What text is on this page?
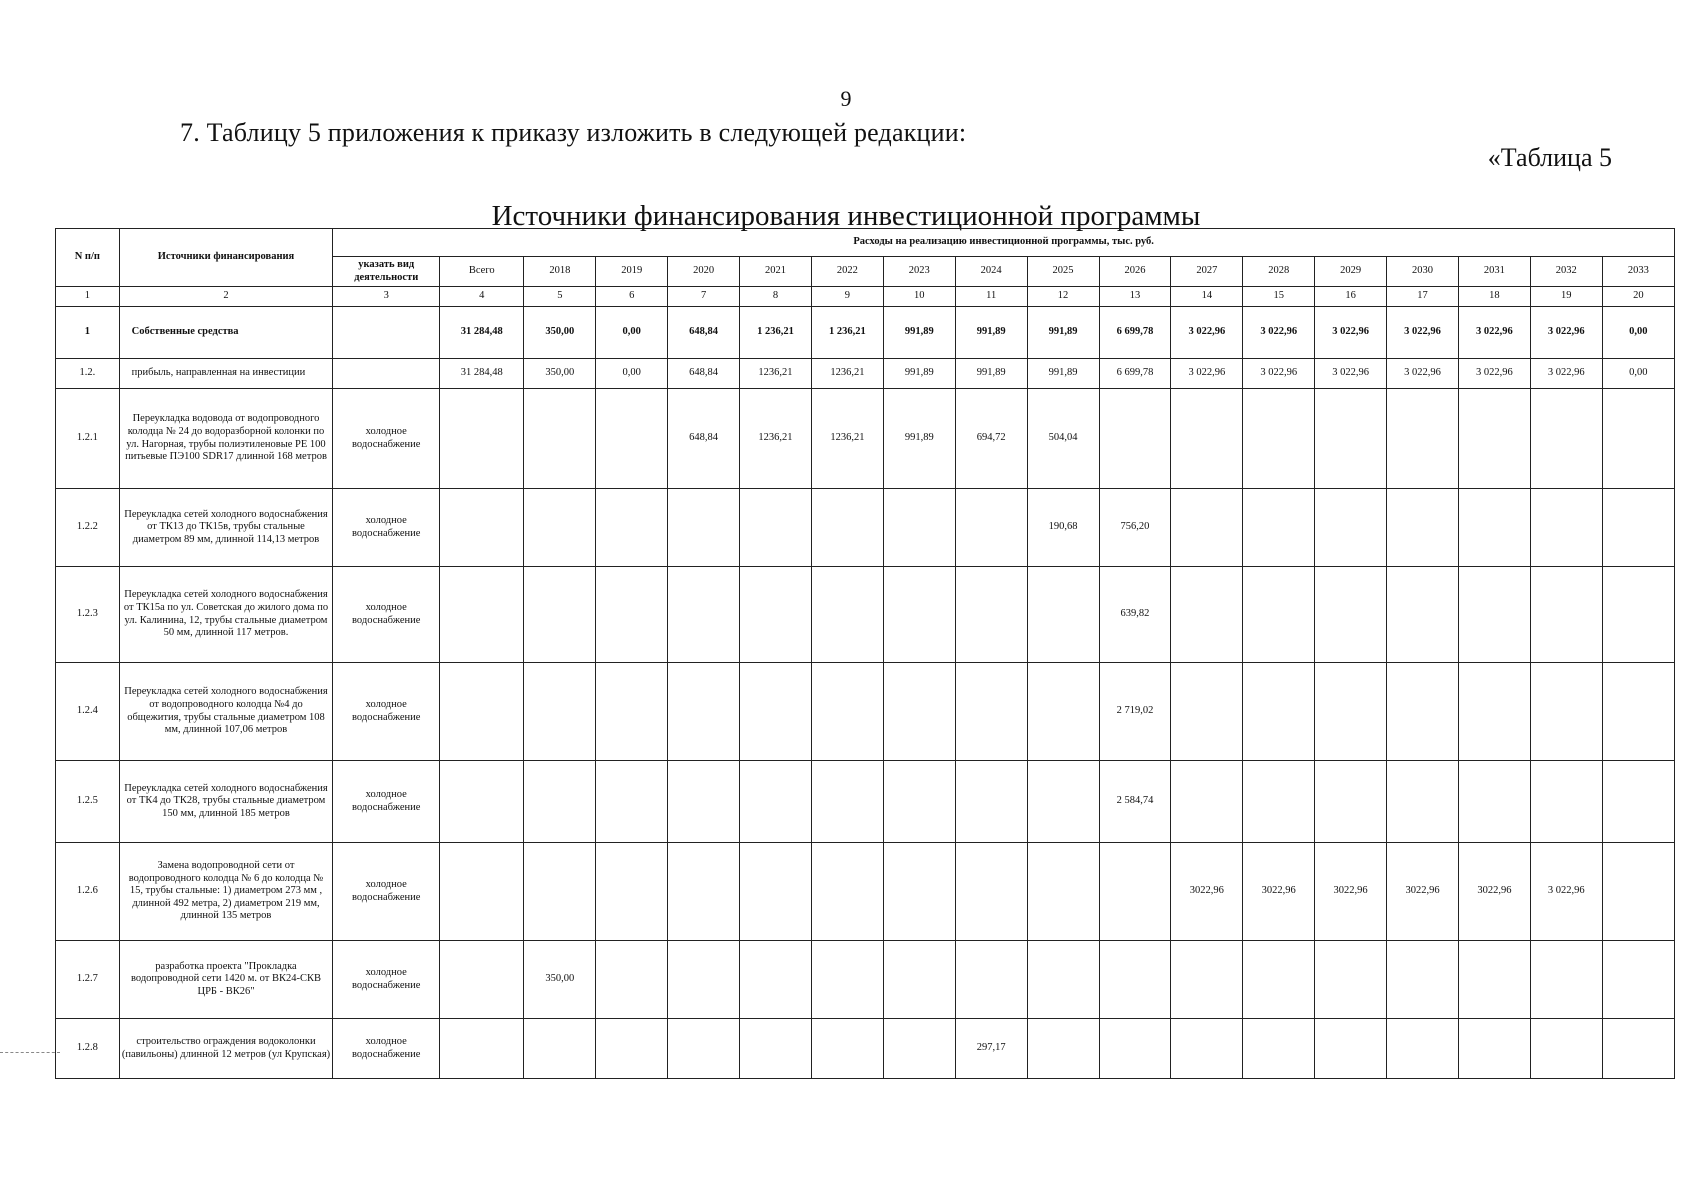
9
7. Таблицу 5 приложения к приказу изложить в следующей редакции:
«Таблица 5
Источники финансирования инвестиционной программы
N п/п	Источники финансирования	Расходы на реализацию инвестиционной программы, тыс. руб.																	
		указать вид деятельности	Всего	2018	2019	2020	2021	2022	2023	2024	2025	2026	2027	2028	2029	2030	2031	2032	2033
1	2	3	4	5	6	7	8	9	10	11	12	13	14	15	16	17	18	19	20
1	Собственные средства		31 284,48	350,00	0,00	648,84	1 236,21	1 236,21	991,89	991,89	991,89	6 699,78	3 022,96	3 022,96	3 022,96	3 022,96	3 022,96	3 022,96	0,00
1.2.	прибыль, направленная на инвестиции		31 284,48	350,00	0,00	648,84	1236,21	1236,21	991,89	991,89	991,89	6 699,78	3 022,96	3 022,96	3 022,96	3 022,96	3 022,96	3 022,96	0,00
1.2.1	Переукладка водовода от водопроводного колодца № 24 до водоразборной колонки по ул. Нагорная, трубы полиэтиленовые PE 100 питьевые ПЭ100 SDR17 длинной 168 метров	холодное водоснабжение				648,84	1236,21	1236,21	991,89	694,72	504,04								
1.2.2	Переукладка сетей холодного водоснабжения от ТК13 до ТК15в, трубы стальные диаметром 89 мм, длинной 114,13 метров	холодное водоснабжение									190,68	756,20							
1.2.3	Переукладка сетей холодного водоснабжения от ТК15а по ул. Советская до жилого дома по ул. Калинина, 12, трубы стальные диаметром 50 мм, длинной 117 метров.	холодное водоснабжение										639,82							
1.2.4	Переукладка сетей холодного водоснабжения от водопроводного колодца №4 до общежития, трубы стальные диаметром 108 мм, длинной 107,06 метров	холодное водоснабжение										2 719,02							
1.2.5	Переукладка сетей холодного водоснабжения от ТК4 до ТК28, трубы стальные диаметром 150 мм, длинной 185 метров	холодное водоснабжение										2 584,74							
1.2.6	Замена водопроводной сети от водопроводного колодца № 6 до колодца № 15, трубы стальные: 1) диаметром 273 мм , длинной 492 метра, 2) диаметром 219 мм, длинной 135 метров	холодное водоснабжение											3022,96	3022,96	3022,96	3022,96	3022,96	3 022,96	
1.2.7	разработка проекта "Прокладка водопроводной сети 1420 м. от ВК24-СКВ ЦРБ - ВК26"	холодное водоснабжение		350,00															
1.2.8	строительство ограждения водоколонки (павильоны) длинной 12 метров (ул Крупская)	холодное водоснабжение								297,17									
